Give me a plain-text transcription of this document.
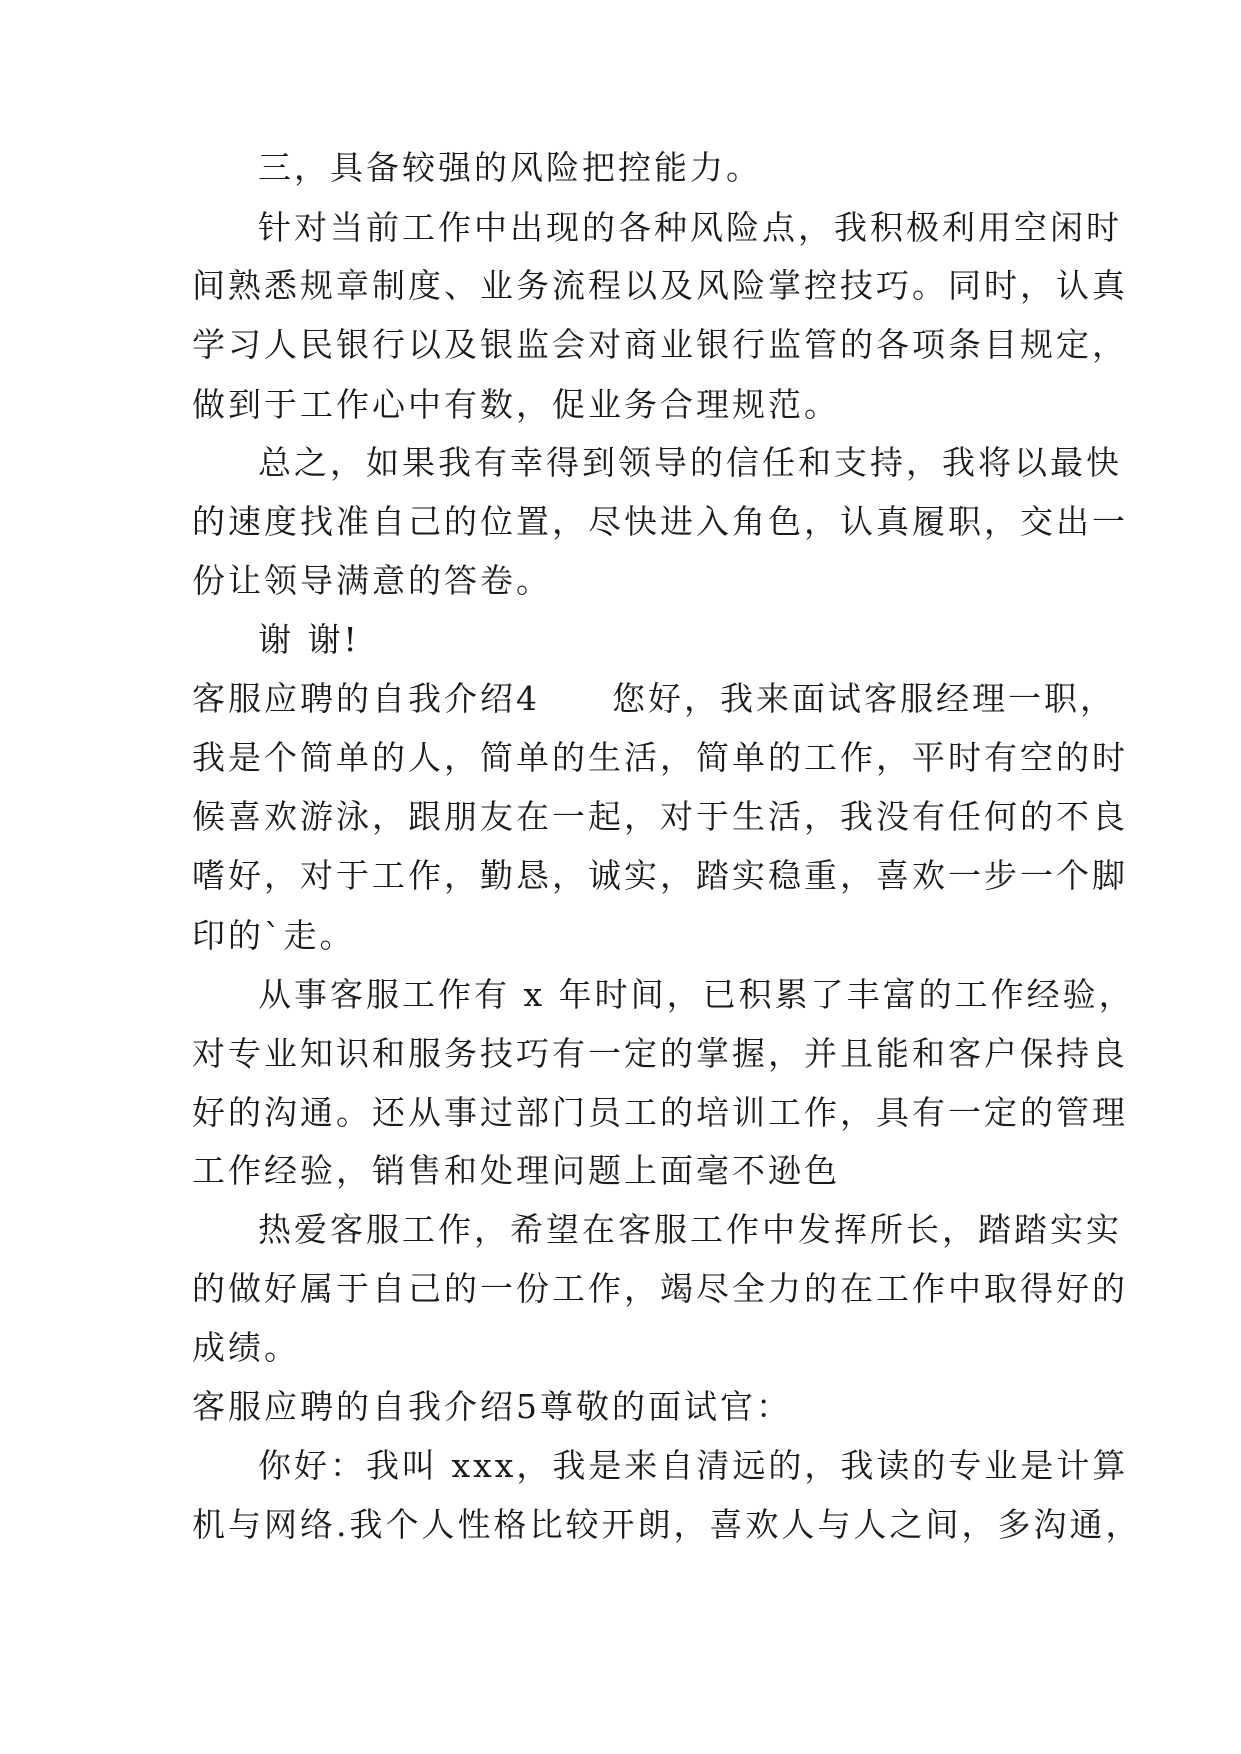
三，具备较强的风险把控能力。
针对当前工作中出现的各种风险点，我积极利用空闲时
间熟悉规章制度、业务流程以及风险掌控技巧。同时，认真
学习人民银行以及银监会对商业银行监管的各项条目规定，
做到于工作心中有数，促业务合理规范。
总之，如果我有幸得到领导的信任和支持，我将以最快
的速度找准自己的位置，尽快进入角色，认真履职，交出一
份让领导满意的答卷。
谢 谢!
客服应聘的自我介绍4　　您好，我来面试客服经理一职，
我是个简单的人，简单的生活，简单的工作，平时有空的时
候喜欢游泳，跟朋友在一起，对于生活，我没有任何的不良
嗜好，对于工作，勤恳，诚实，踏实稳重，喜欢一步一个脚
印的`走。
从事客服工作有 x 年时间，已积累了丰富的工作经验，
对专业知识和服务技巧有一定的掌握，并且能和客户保持良
好的沟通。还从事过部门员工的培训工作，具有一定的管理
工作经验，销售和处理问题上面毫不逊色
热爱客服工作，希望在客服工作中发挥所长，踏踏实实
的做好属于自己的一份工作，竭尽全力的在工作中取得好的
成绩。
客服应聘的自我介绍5尊敬的面试官：
你好：我叫 xxx，我是来自清远的，我读的专业是计算
机与网络.我个人性格比较开朗，喜欢人与人之间，多沟通，
